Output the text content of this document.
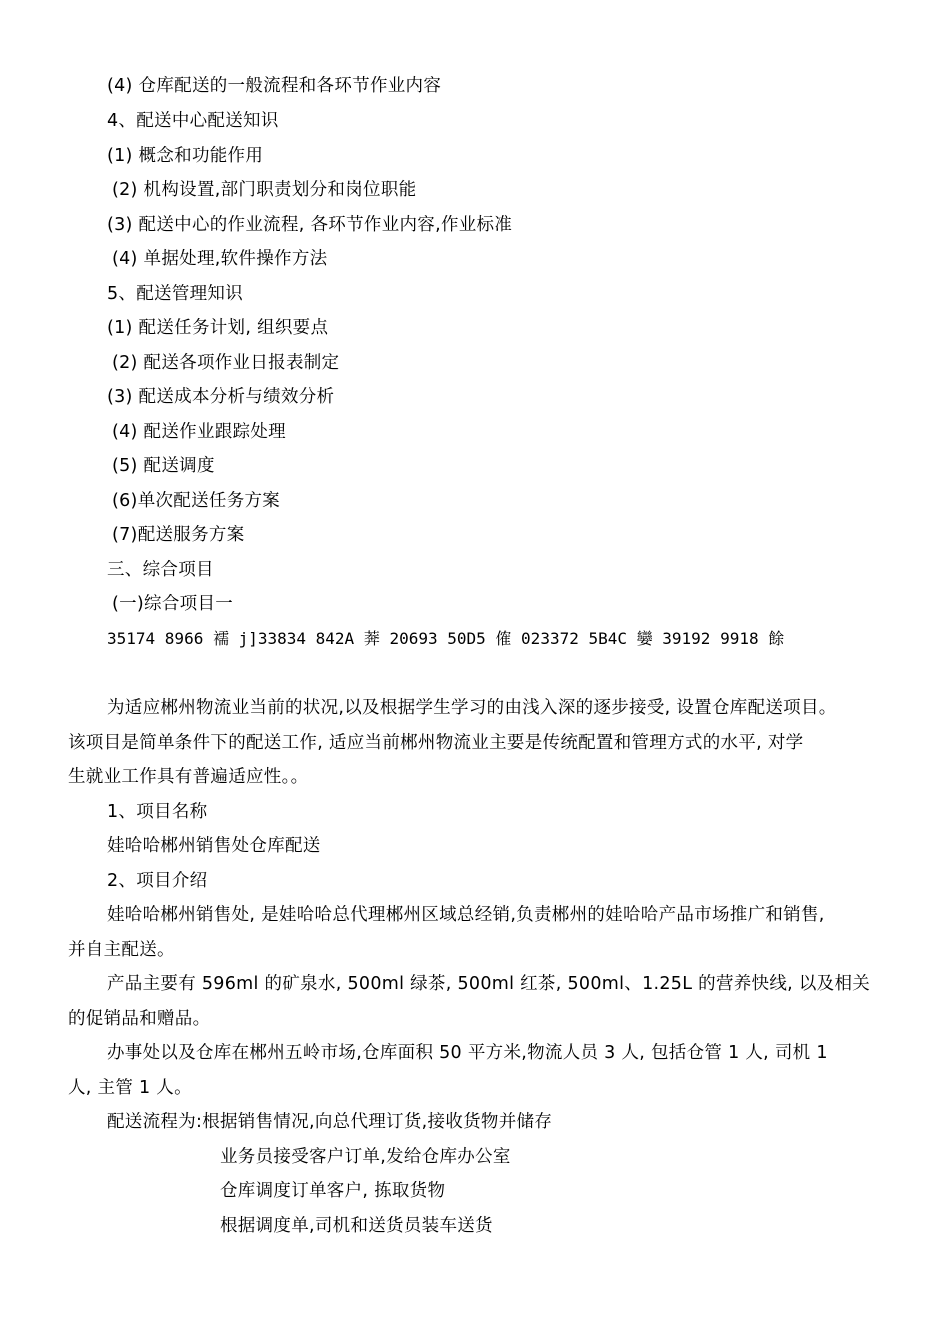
(4) 仓库配送的一般流程和各环节作业内容
4、配送中心配送知识
(1) 概念和功能作用
(2) 机构设置,部门职责划分和岗位职能
(3) 配送中心的作业流程, 各环节作业内容,作业标准
(4) 单据处理,软件操作方法
5、配送管理知识
(1) 配送任务计划, 组织要点
(2) 配送各项作业日报表制定
(3) 配送成本分析与绩效分析
(4) 配送作业跟踪处理
(5) 配送调度
(6)单次配送任务方案
(7)配送服务方案
三、综合项目
(一)综合项目一
35174 8966 襦 j]33834 842A 莾 20693 50D5 傕 023372 5B4C 孌 39192 9918 餘
为适应郴州物流业当前的状况,以及根据学生学习的由浅入深的逐步接受, 设置仓库配送项目。
该项目是简单条件下的配送工作, 适应当前郴州物流业主要是传统配置和管理方式的水平, 对学
生就业工作具有普遍适应性。。
1、项目名称
娃哈哈郴州销售处仓库配送
2、项目介绍
娃哈哈郴州销售处, 是娃哈哈总代理郴州区域总经销,负责郴州的娃哈哈产品市场推广和销售,
并自主配送。
产品主要有 596ml 的矿泉水, 500ml 绿茶, 500ml 红茶, 500ml、1.25L 的营养快线, 以及相关
的促销品和赠品。
办事处以及仓库在郴州五岭市场,仓库面积 50 平方米,物流人员 3 人, 包括仓管 1 人, 司机 1
人, 主管 1 人。
配送流程为:根据销售情况,向总代理订货,接收货物并储存
业务员接受客户订单,发给仓库办公室
仓库调度订单客户, 拣取货物
根据调度单,司机和送货员装车送货
